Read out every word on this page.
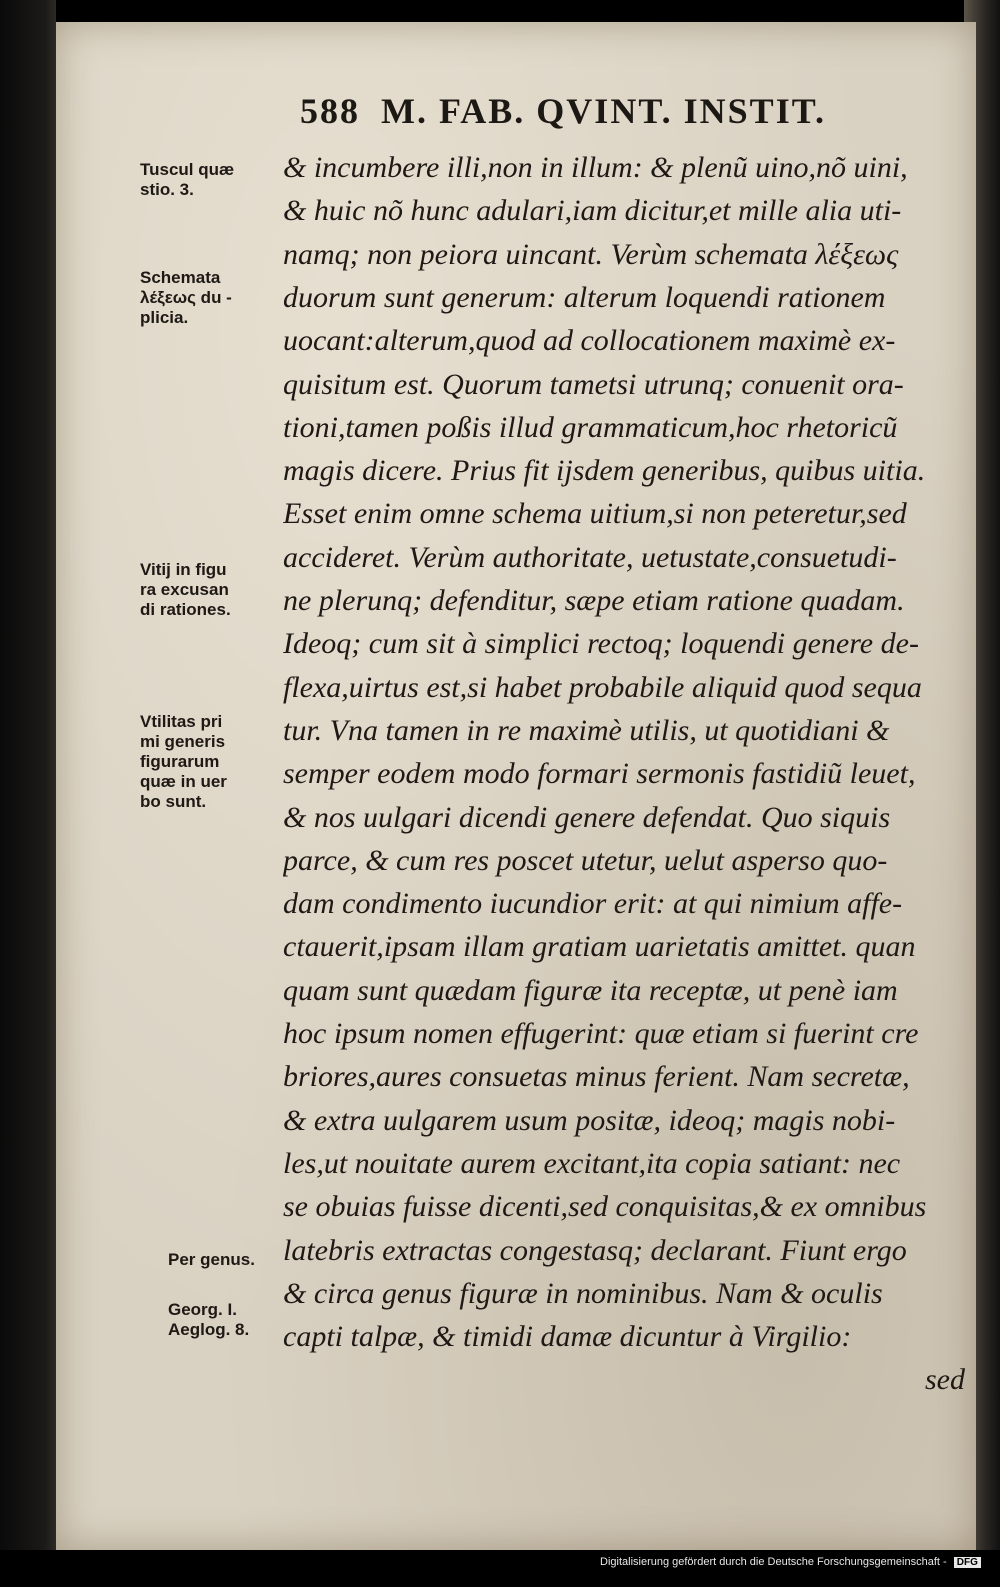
588 M. FAB. QVINT. INSTIT.
& incumbere illi,non in illum: & plenũ uino,nõ uini,
& huic nõ hunc adulari,iam dicitur,et mille alia uti-
namq; non peiora uincant. Verùm schemata λέξεως
duorum sunt generum: alterum loquendi rationem
uocant:alterum,quod ad collocationem maximè ex-
quisitum est. Quorum tametsi utrunq; conuenit ora-
tioni,tamen poßis illud grammaticum,hoc rhetoricũ
magis dicere. Prius fit ijsdem generibus, quibus uitia.
Esset enim omne schema uitium,si non peteretur,sed
accideret. Verùm authoritate, uetustate,consuetudi-
ne plerunq; defenditur, sæpe etiam ratione quadam.
Ideoq; cum sit à simplici rectoq; loquendi genere de-
flexa,uirtus est,si habet probabile aliquid quod sequa
tur. Vna tamen in re maximè utilis, ut quotidiani &
semper eodem modo formari sermonis fastidiũ leuet,
& nos uulgari dicendi genere defendat. Quo siquis
parce, & cum res poscet utetur, uelut asperso quo-
dam condimento iucundior erit: at qui nimium affe-
ctauerit,ipsam illam gratiam uarietatis amittet. quan
quam sunt quædam figuræ ita receptæ, ut penè iam
hoc ipsum nomen effugerint: quæ etiam si fuerint cre
briores,aures consuetas minus ferient. Nam secretæ,
& extra uulgarem usum positæ, ideoq; magis nobi-
les,ut nouitate aurem excitant,ita copia satiant: nec
se obuias fuisse dicenti,sed conquisitas,& ex omnibus
latebris extractas congestasq; declarant. Fiunt ergo
& circa genus figuræ in nominibus. Nam & oculis
capti talpæ, & timidi damæ dicuntur à Virgilio:
sed
Tuscul quæ
stio. 3.
Schemata
λέξεως du -
plicia.
Vitij in figu
ra excusan
di rationes.
Vtilitas pri
mi generis
figurarum
quæ in uer
bo sunt.
Per genus.
Georg. I.
Aeglog. 8.
Digitalisierung gefördert durch die Deutsche Forschungsgemeinschaft - DFG
